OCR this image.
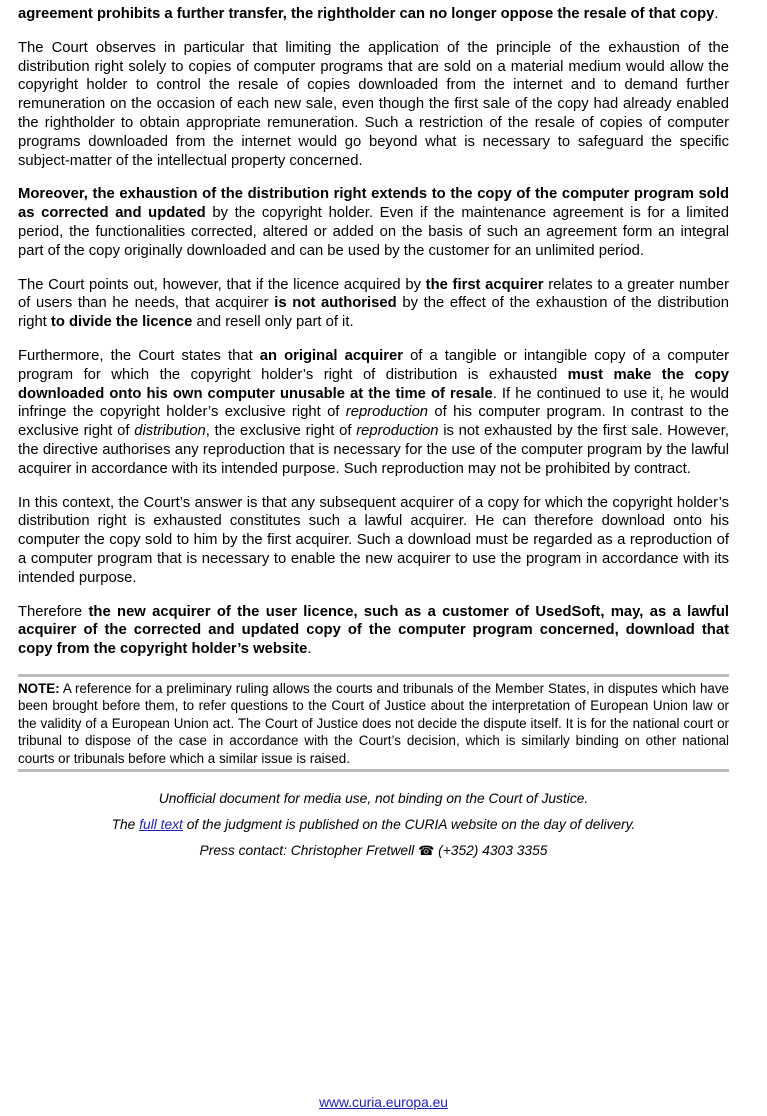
agreement prohibits a further transfer, the rightholder can no longer oppose the resale of that copy.

The Court observes in particular that limiting the application of the principle of the exhaustion of the distribution right solely to copies of computer programs that are sold on a material medium would allow the copyright holder to control the resale of copies downloaded from the internet and to demand further remuneration on the occasion of each new sale, even though the first sale of the copy had already enabled the rightholder to obtain appropriate remuneration. Such a restriction of the resale of copies of computer programs downloaded from the internet would go beyond what is necessary to safeguard the specific subject-matter of the intellectual property concerned.

Moreover, the exhaustion of the distribution right extends to the copy of the computer program sold as corrected and updated by the copyright holder. Even if the maintenance agreement is for a limited period, the functionalities corrected, altered or added on the basis of such an agreement form an integral part of the copy originally downloaded and can be used by the customer for an unlimited period.

The Court points out, however, that if the licence acquired by the first acquirer relates to a greater number of users than he needs, that acquirer is not authorised by the effect of the exhaustion of the distribution right to divide the licence and resell only part of it.

Furthermore, the Court states that an original acquirer of a tangible or intangible copy of a computer program for which the copyright holder’s right of distribution is exhausted must make the copy downloaded onto his own computer unusable at the time of resale. If he continued to use it, he would infringe the copyright holder’s exclusive right of reproduction of his computer program. In contrast to the exclusive right of distribution, the exclusive right of reproduction is not exhausted by the first sale. However, the directive authorises any reproduction that is necessary for the use of the computer program by the lawful acquirer in accordance with its intended purpose. Such reproduction may not be prohibited by contract.

In this context, the Court’s answer is that any subsequent acquirer of a copy for which the copyright holder’s distribution right is exhausted constitutes such a lawful acquirer. He can therefore download onto his computer the copy sold to him by the first acquirer. Such a download must be regarded as a reproduction of a computer program that is necessary to enable the new acquirer to use the program in accordance with its intended purpose.

Therefore the new acquirer of the user licence, such as a customer of UsedSoft, may, as a lawful acquirer of the corrected and updated copy of the computer program concerned, download that copy from the copyright holder’s website.

NOTE: A reference for a preliminary ruling allows the courts and tribunals of the Member States, in disputes which have been brought before them, to refer questions to the Court of Justice about the interpretation of European Union law or the validity of a European Union act. The Court of Justice does not decide the dispute itself. It is for the national court or tribunal to dispose of the case in accordance with the Court’s decision, which is similarly binding on other national courts or tribunals before which a similar issue is raised.

Unofficial document for media use, not binding on the Court of Justice.
The full text of the judgment is published on the CURIA website on the day of delivery.
Press contact: Christopher Fretwell ☎ (+352) 4303 3355
www.curia.europa.eu
